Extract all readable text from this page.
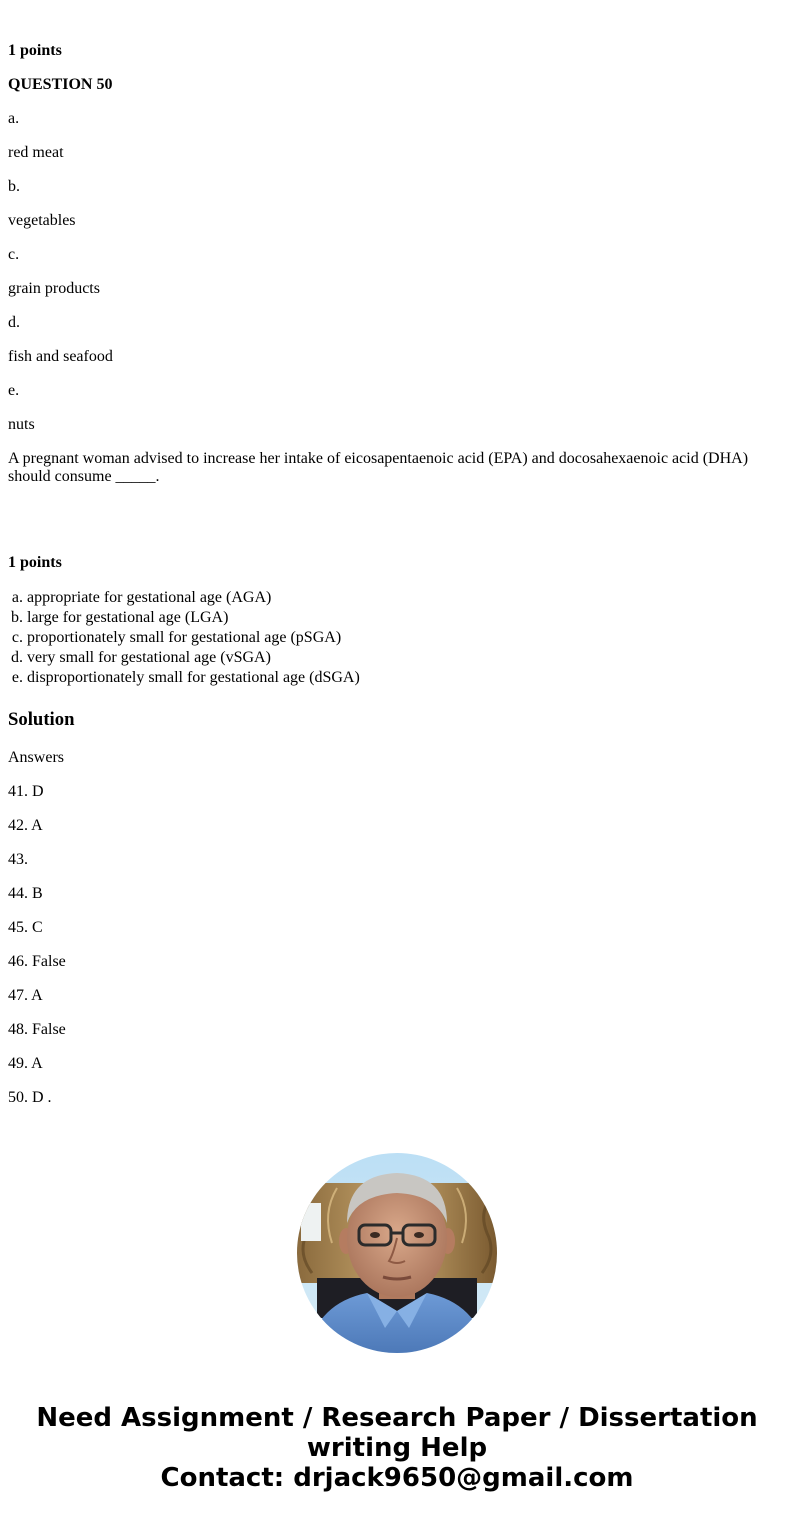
1 points

QUESTION 50

a.

red meat

b.

vegetables

c.

grain products

d.

fish and seafood

e.

nuts

A pregnant woman advised to increase her intake of eicosapentaenoic acid (EPA) and docosahexaenoic acid (DHA) should consume _____.

1 points

a.	appropriate for gestational age (AGA)
b.	large for gestational age (LGA)
c.	proportionately small for gestational age (pSGA)
d.	very small for gestational age (vSGA)
e.	disproportionately small for gestational age (dSGA)
Solution

Answers

41. D

42. A

43.

44. B

45. C

46. False

47. A

48. False

49. A

50. D .

Need Assignment / Research Paper / Dissertation writing Help
Contact: drjack9650@gmail.com
